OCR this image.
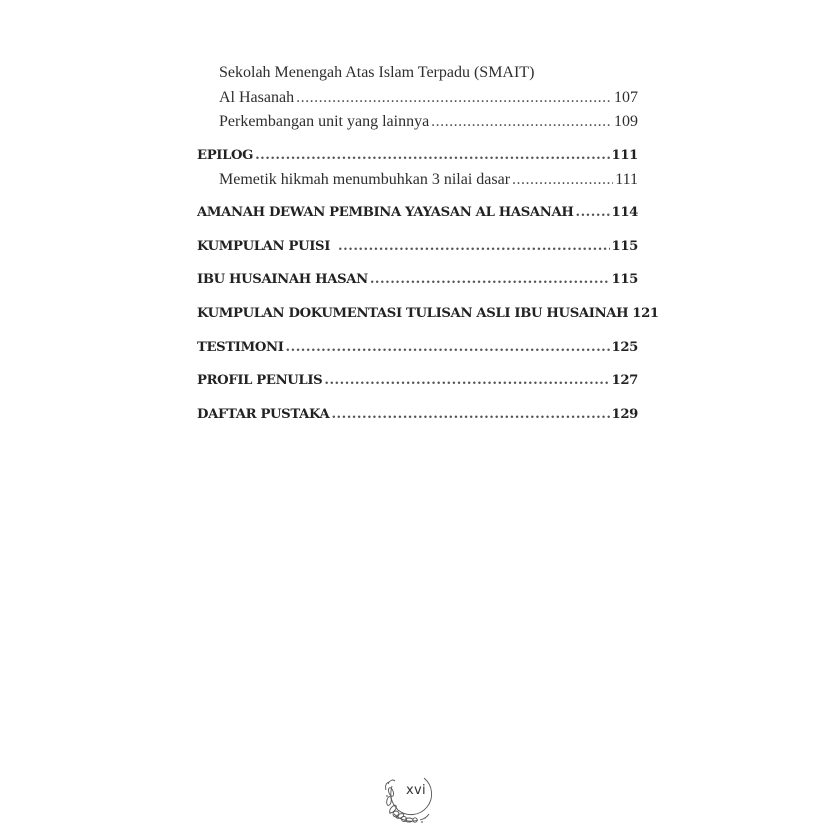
Sekolah Menengah Atas Islam Terpadu (SMAIT)
Al Hasanah .....	107
Perkembangan unit yang lainnya .....	109
EPILOG .....	111
Memetik hikmah menumbuhkan 3 nilai dasar .....	111
AMANAH DEWAN PEMBINA YAYASAN AL HASANAH .....	114
KUMPULAN PUISI .....	115
IBU HUSAINAH HASAN .....	115
KUMPULAN DOKUMENTASI TULISAN ASLI IBU HUSAINAH 121
TESTIMONI .....	125
PROFIL PENULIS .....	127
DAFTAR PUSTAKA .....	129
xvi
